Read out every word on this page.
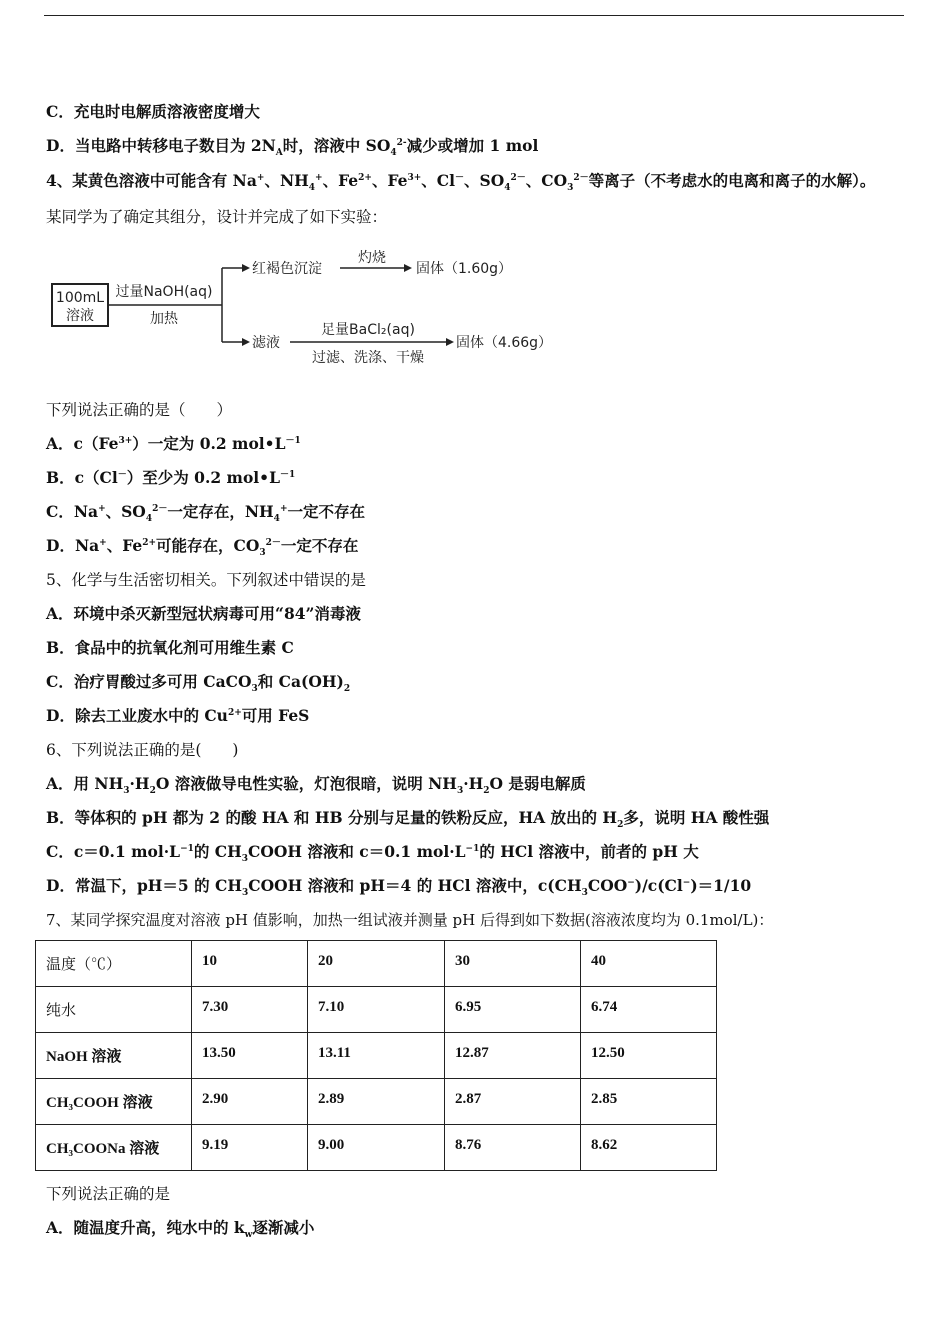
C．充电时电解质溶液密度增大
D．当电路中转移电子数目为 $2N_A$时，溶液中 $SO_4^{2-}$减少或增加 1 mol
4、某黄色溶液中可能含有 Na+、$NH_4^+$、$Fe^{2+}$、$Fe^{3+}$、Cl－、$SO_4^{2-}$、$CO_3^{2-}$等离子（不考虑水的电离和离子的水解）。
某同学为了确定其组分，设计并完成了如下实验：
100mL
溶液
过量NaOH(aq)
加热
红褐色沉淀
灼烧
固体（1.60g）
滤液
足量BaCl₂(aq)
过滤、洗涤、干燥
固体（4.66g）
下列说法正确的是（　　）
A．$c(Fe^{3+})$一定为 0.2 $mol•L^{-1}$
B．c（Cl－）至少为 0.2 $mol•L^{-1}$
C．Na+、$SO_4^{2-}$一定存在，$NH_4^+$一定不存在
D．Na+、$Fe^{2+}$可能存在，$CO_3^{2-}$一定不存在
5、化学与生活密切相关。下列叙述中错误的是
A．环境中杀灭新型冠状病毒可用“84”消毒液
B．食品中的抗氧化剂可用维生素 C
C．治疗胃酸过多可用 CaCO$_3$和 $Ca(OH)_2$
D．除去工业废水中的 $Cu^{2+}$可用 FeS
6、下列说法正确的是(　　)
A．用 $NH_3\cdot H_2O$ 溶液做导电性实验，灯泡很暗，说明 $NH_3\cdot H_2O$ 是弱电解质
B．等体积的 pH 都为 2 的酸 HA 和 HB 分别与足量的铁粉反应，HA 放出的 $H_2$多，说明 HA 酸性强
C．c＝0.1 $mol\cdot L^{-1}$的 $CH_3COOH$ 溶液和 c＝0.1 $mol\cdot L^{-1}$的 HCl 溶液中，前者的 pH 大
D．常温下，pH＝5 的 $CH_3COOH$ 溶液和 pH＝4 的 HCl 溶液中，$c(CH_3COO^-)/c(Cl^-)=1/10$
7、某同学探究温度对溶液 pH 值影响，加热一组试液并测量 pH 后得到如下数据(溶液浓度均为 0.1mol/L)：
温度（℃）	10	20	30	40
纯水	7.30	7.10	6.95	6.74
NaOH 溶液	13.50	13.11	12.87	12.50
CH₃COOH 溶液	2.90	2.89	2.87	2.85
CH₃COONa 溶液	9.19	9.00	8.76	8.62
下列说法正确的是
A．随温度升高，纯水中的 $k_w$逐渐减小
